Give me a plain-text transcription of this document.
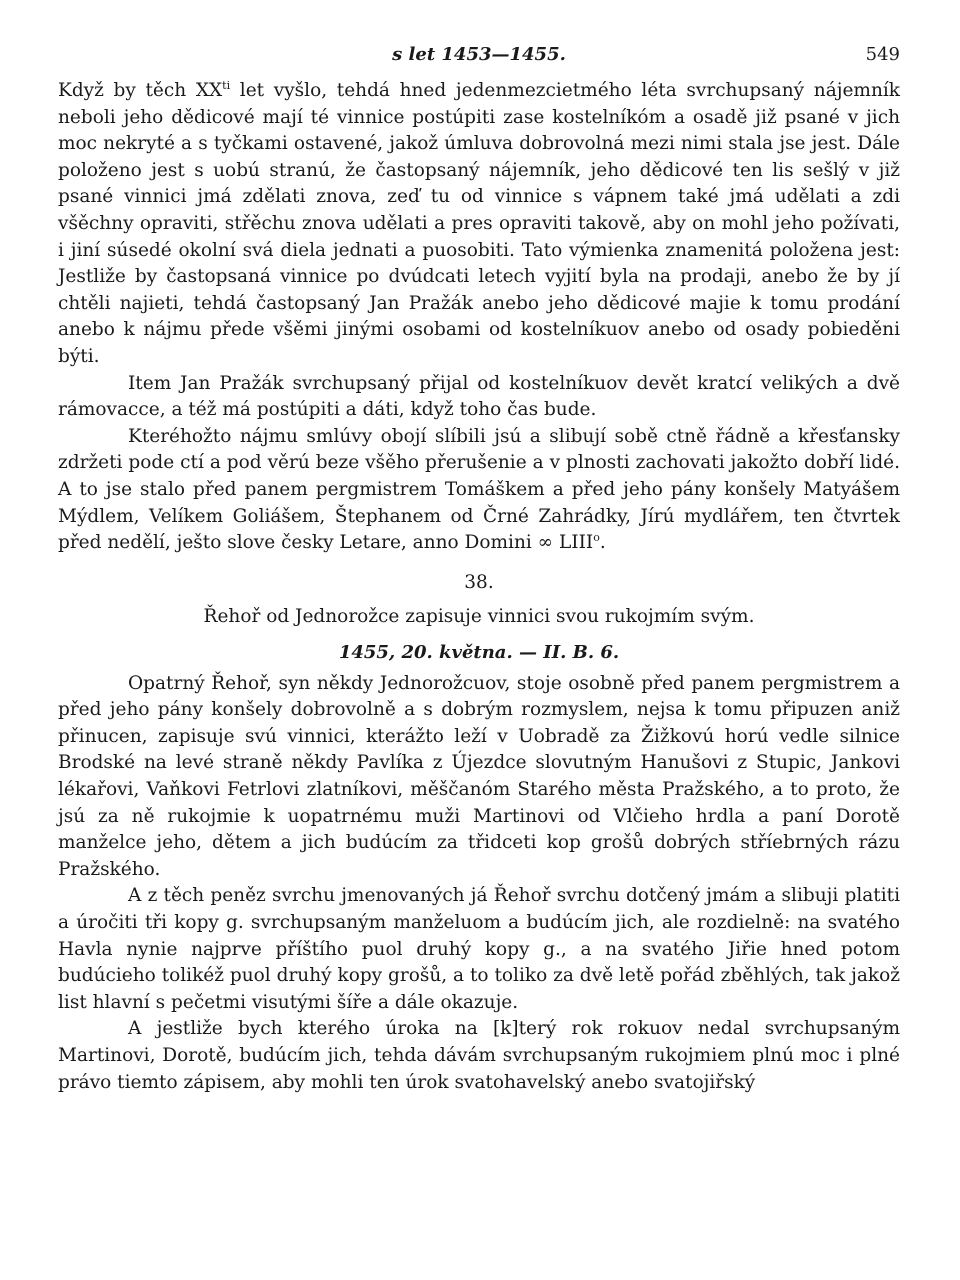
s let 1453—1455.	549

Když by těch $XX^{ti}$ let vyšlo, tehdá hned jedenmezcietmého léta svrchupsaný nájemník neboli jeho dědicové mají té vinnice postúpiti zase kostelníkóm a osadě již psané v jich moc nekryté a s tyčkami ostavené, jakož úmluva dobrovolná mezi nimi stala jse jest. Dále položeno jest s uobú stranú, že častopsaný nájemník, jeho dědicové ten lis sešlý v již psané vinnici jmá zdělati znova, zeď tu od vinnice s vápnem také jmá udělati a zdi všěchny opraviti, střěchu znova udělati a pres opraviti takově, aby on mohl jeho požívati, i jiní súsedé okolní svá diela jednati a puosobiti. Tato výmienka znamenitá položena jest: Jestliže by častopsaná vinnice po dvúdcati letech vyjití byla na prodaji, anebo že by jí chtěli najieti, tehdá častopsaný Jan Pražák anebo jeho dědicové majie k tomu prodání anebo k nájmu přede všěmi jinými osobami od kostelníkuov anebo od osady pobieděni býti.

Item Jan Pražák svrchupsaný přijal od kostelníkuov devět kratcí velikých a dvě rámovacce, a též má postúpiti a dáti, když toho čas bude.

Kteréhožto nájmu smlúvy obojí slíbili jsú a slibují sobě ctně řádně a křesťansky zdržeti pode ctí a pod věrú beze všěho přerušenie a v plnosti zachovati jakožto dobří lidé. A to jse stalo před panem pergmistrem Tomáškem a před jeho pány konšely Matyášem Mýdlem, Velíkem Goliášem, Štephanem od Črné Zahrádky, Jírú mydlářem, ten čtvrtek před nedělí, ješto slove česky Letare, anno Domini ∞ LIII$^o$.

38.
Řehoř od Jednorožce zapisuje vinnici svou rukojmím svým.
1455, 20. května. — II. B. 6.

Opatrný Řehoř, syn někdy Jednorožcuov, stoje osobně před panem pergmistrem a před jeho pány konšely dobrovolně a s dobrým rozmyslem, nejsa k tomu připuzen aniž přinucen, zapisuje svú vinnici, kterážto leží v Uobradě za Žižkovú horú vedle silnice Brodské na levé straně někdy Pavlíka z Újezdce slovutným Hanušovi z Stupic, Jankovi lékařovi, Vaňkovi Fetrlovi zlatníkovi, měščanóm Starého města Pražského, a to proto, že jsú za ně rukojmie k uopatrnému muži Martinovi od Vlčieho hrdla a paní Dorotě manželce jeho, dětem a jich budúcím za třidceti kop grošů dobrých stříebrných rázu Pražského.

A z těch peněz svrchu jmenovaných já Řehoř svrchu dotčený jmám a slibuji platiti a úročiti tři kopy g. svrchupsaným manželuom a budúcím jich, ale rozdielně: na svatého Havla nynie najprve příštího puol druhý kopy g., a na svatého Jiřie hned potom budúcieho tolikéž puol druhý kopy grošů, a to toliko za dvě letě pořád zběhlých, tak jakož list hlavní s pečetmi visutými šíře a dále okazuje.

A jestliže bych kterého úroka na [k]terý rok rokuov nedal svrchupsaným Martinovi, Dorotě, budúcím jich, tehda dávám svrchupsaným rukojmiem plnú moc i plné právo tiemto zápisem, aby mohli ten úrok svatohavelský anebo svatojiřský
